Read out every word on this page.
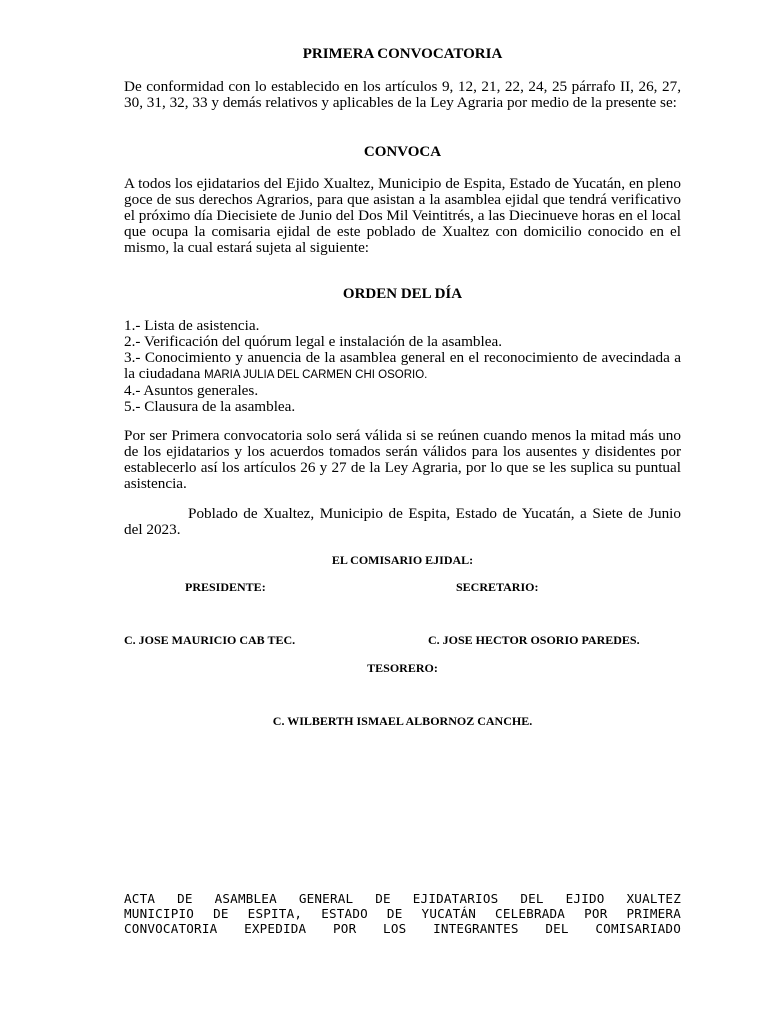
PRIMERA CONVOCATORIA

De conformidad con lo establecido en los artículos 9, 12, 21, 22, 24, 25 párrafo II, 26, 27, 30, 31, 32, 33 y demás relativos y aplicables de la Ley Agraria por medio de la presente se:

CONVOCA

A todos los ejidatarios del Ejido Xualtez, Municipio de Espita, Estado de Yucatán, en pleno goce de sus derechos Agrarios, para que asistan a la asamblea ejidal que tendrá verificativo el próximo día Diecisiete de Junio del Dos Mil Veintitrés, a las Diecinueve horas en el local que ocupa la comisaria ejidal de este poblado de Xualtez con domicilio conocido en el mismo, la cual estará sujeta al siguiente:

ORDEN DEL DÍA
1.- Lista de asistencia.
2.- Verificación del quórum legal e instalación de la asamblea.
3.- Conocimiento y anuencia de la asamblea general en el reconocimiento de avecindada a la ciudadana MARIA JULIA DEL CARMEN CHI OSORIO.
4.- Asuntos generales.
5.- Clausura de la asamblea.

Por ser Primera convocatoria solo será válida si se reúnen cuando menos la mitad más uno de los ejidatarios y los acuerdos tomados serán válidos para los ausentes y disidentes por establecerlo así los artículos 26 y 27 de la Ley Agraria, por lo que se les suplica su puntual asistencia.

Poblado de Xualtez, Municipio de Espita, Estado de Yucatán, a Siete de Junio del 2023.

EL COMISARIO EJIDAL:

PRESIDENTE:	SECRETARIO:

C. JOSE MAURICIO CAB TEC.	C. JOSE HECTOR OSORIO PAREDES.

TESORERO:

C. WILBERTH ISMAEL ALBORNOZ CANCHE.

ACTA DE ASAMBLEA GENERAL DE EJIDATARIOS DEL EJIDO XUALTEZ
MUNICIPIO DE ESPITA, ESTADO DE YUCATÁN CELEBRADA POR PRIMERA
CONVOCATORIA EXPEDIDA POR LOS INTEGRANTES DEL COMISARIADO
